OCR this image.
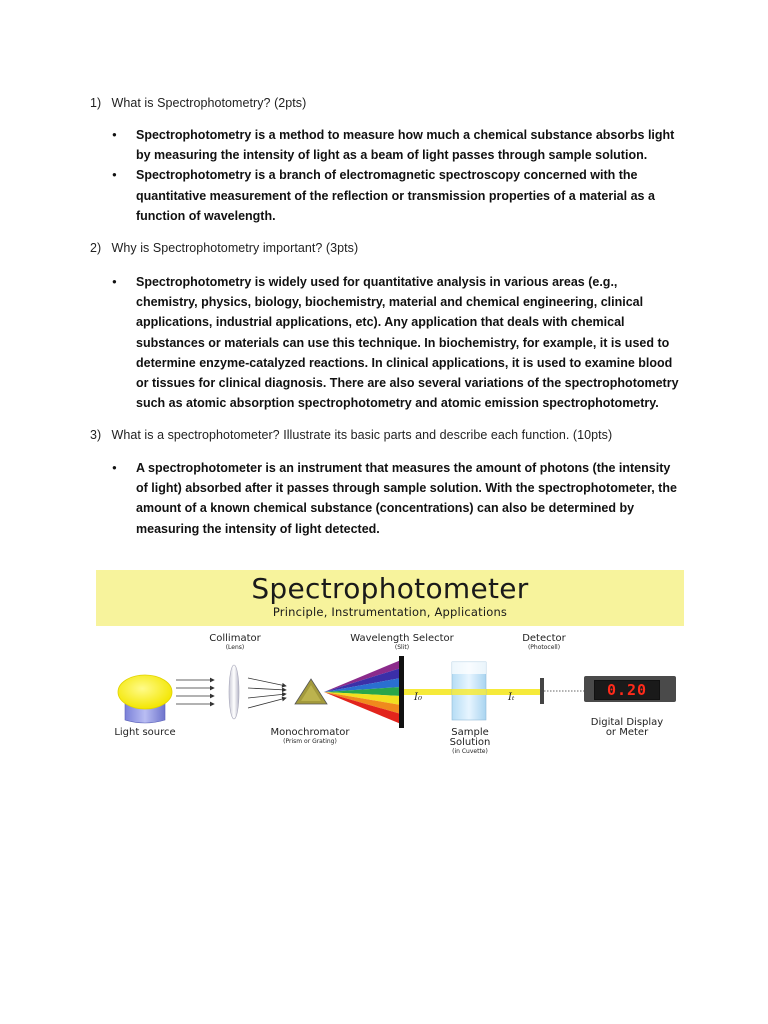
1) What is Spectrophotometry? (2pts)
● Spectrophotometry is a method to measure how much a chemical substance absorbs light by measuring the intensity of light as a beam of light passes through sample solution.
● Spectrophotometry is a branch of electromagnetic spectroscopy concerned with the quantitative measurement of the reflection or transmission properties of a material as a function of wavelength.
2) Why is Spectrophotometry important? (3pts)
● Spectrophotometry is widely used for quantitative analysis in various areas (e.g., chemistry, physics, biology, biochemistry, material and chemical engineering, clinical applications, industrial applications, etc). Any application that deals with chemical substances or materials can use this technique. In biochemistry, for example, it is used to determine enzyme-catalyzed reactions. In clinical applications, it is used to examine blood or tissues for clinical diagnosis. There are also several variations of the spectrophotometry such as atomic absorption spectrophotometry and atomic emission spectrophotometry.
3) What is a spectrophotometer? Illustrate its basic parts and describe each function. (10pts)
● A spectrophotometer is an instrument that measures the amount of photons (the intensity of light) absorbed after it passes through sample solution. With the spectrophotometer, the amount of a known chemical substance (concentrations) can also be determined by measuring the intensity of light detected.
Spectrophotometer
Principle, Instrumentation, Applications
I₀	Iₜ
Collimator
(Lens)
Wavelength Selector
(Slit)
Detector
(Photocell)
0.20
Light source	Monochromator
(Prism or Grating)
Sample
Solution
(in Cuvette)
Digital Display
or Meter
